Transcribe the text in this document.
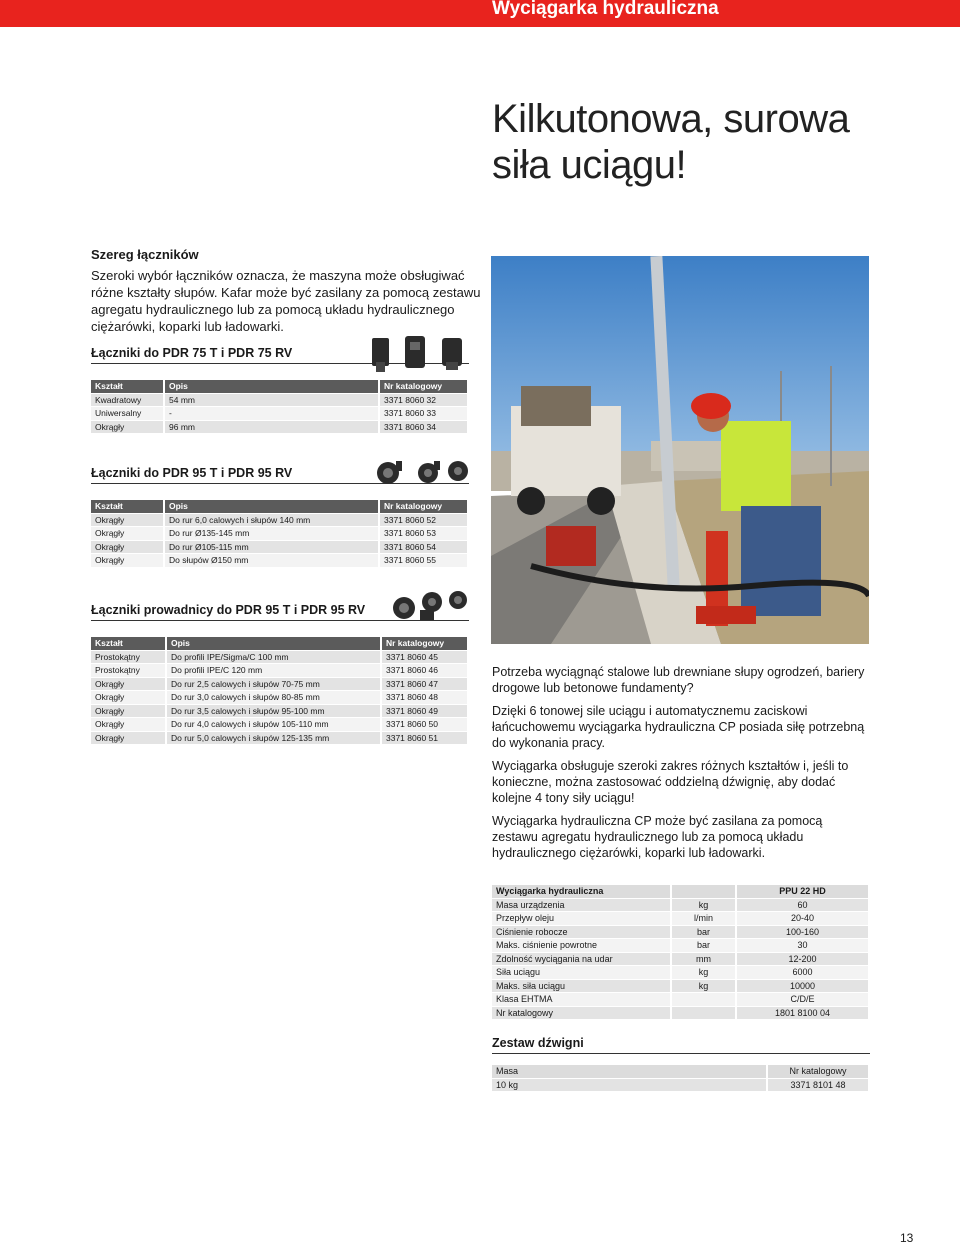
Wyciągarka hydrauliczna
Kilkutonowa, surowa
siła uciągu!
Szereg łączników
Szeroki wybór łączników oznacza, że maszyna może obsługiwać różne kształty słupów. Kafar może być zasilany za pomocą zestawu agregatu hydraulicznego lub za pomocą układu hydraulicznego ciężarówki, koparki lub ładowarki.
Łączniki do PDR 75 T i PDR 75 RV
Kształt	Opis	Nr katalogowy
Kwadratowy	54 mm	3371 8060 32
Uniwersalny	-	3371 8060 33
Okrągły	96 mm	3371 8060 34
Łączniki do PDR 95 T i PDR 95 RV
Kształt	Opis	Nr katalogowy
Okrągły	Do rur 6,0 calowych i słupów 140 mm	3371 8060 52
Okrągły	Do rur Ø135-145 mm	3371 8060 53
Okrągły	Do rur Ø105-115 mm	3371 8060 54
Okrągły	Do słupów Ø150 mm	3371 8060 55
Łączniki prowadnicy do PDR 95 T i PDR 95 RV
Kształt	Opis	Nr katalogowy
Prostokątny	Do profili IPE/Sigma/C 100 mm	3371 8060 45
Prostokątny	Do profili IPE/C 120 mm	3371 8060 46
Okrągły	Do rur 2,5 calowych i słupów 70-75 mm	3371 8060 47
Okrągły	Do rur 3,0 calowych i słupów 80-85 mm	3371 8060 48
Okrągły	Do rur 3,5 calowych i słupów 95-100 mm	3371 8060 49
Okrągły	Do rur 4,0 calowych i słupów 105-110 mm	3371 8060 50
Okrągły	Do rur 5,0 calowych i słupów 125-135 mm	3371 8060 51

Potrzeba wyciągnąć stalowe lub drewniane słupy ogrodzeń, bariery drogowe lub betonowe fundamenty?

Dzięki 6 tonowej sile uciągu i automatycznemu zaciskowi łańcuchowemu wyciągarka hydrauliczna CP posiada siłę potrzebną do wykonania pracy.

Wyciągarka obsługuje szeroki zakres różnych kształtów i, jeśli to konieczne, można zastosować oddzielną dźwignię, aby dodać kolejne 4 tony siły uciągu!

Wyciągarka hydrauliczna CP może być zasilana za pomocą zestawu agregatu hydraulicznego lub za pomocą układu hydraulicznego ciężarówki, koparki lub ładowarki.

Wyciągarka hydrauliczna		PPU 22 HD
Masa urządzenia	kg	60
Przepływ oleju	l/min	20-40
Ciśnienie robocze	bar	100-160
Maks. ciśnienie powrotne	bar	30
Zdolność wyciągania na udar	mm	12-200
Siła uciągu	kg	6000
Maks. siła uciągu	kg	10000
Klasa EHTMA		C/D/E
Nr katalogowy		1801 8100 04
Zestaw dźwigni
Masa	Nr katalogowy
10 kg	3371 8101 48
13
